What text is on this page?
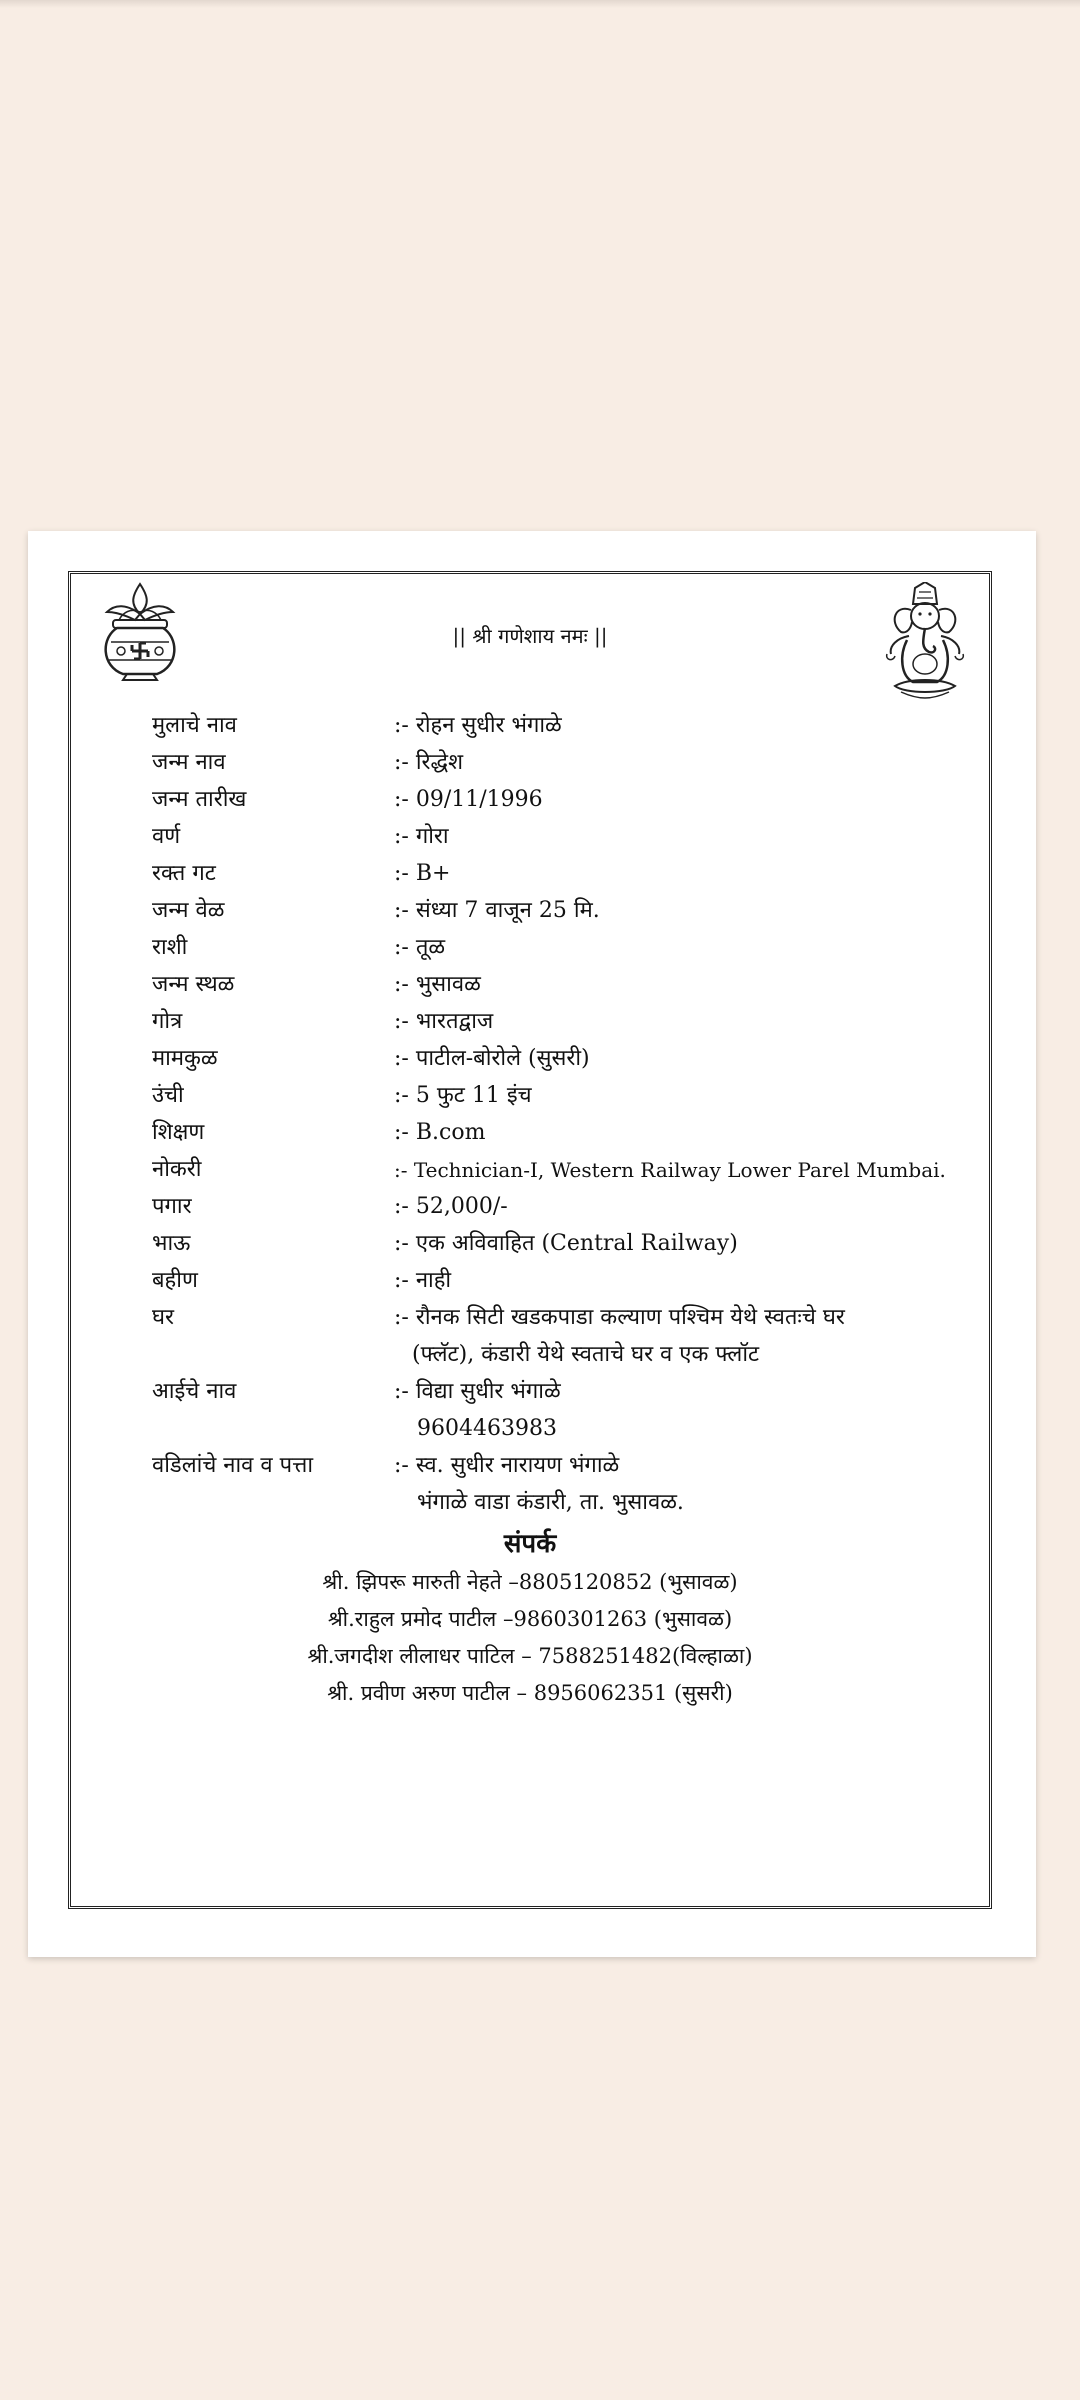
|| श्री गणेशाय नमः ||
मुलाचे नाव	:- रोहन सुधीर भंगाळे
जन्म नाव	:- रिद्धेश
जन्म तारीख	:- 09/11/1996
वर्ण	:- गोरा
रक्त गट	:- B+
जन्म वेळ	:- संध्या 7 वाजून 25 मि.
राशी	:- तूळ
जन्म स्थळ	:- भुसावळ
गोत्र	:- भारतद्वाज
मामकुळ	:- पाटील-बोरोले (सुसरी)
उंची	:- 5 फुट 11 इंच
शिक्षण	:- B.com
नोकरी	:- Technician-I, Western Railway Lower Parel Mumbai.
पगार	:- 52,000/-
भाऊ	:- एक अविवाहित (Central Railway)
बहीण	:- नाही
घर	:- रौनक सिटी खडकपाडा कल्याण पश्चिम येथे स्वतःचे घर
(फ्लॅट), कंडारी येथे स्वताचे घर व एक फ्लॉट
आईचे नाव	:- विद्या सुधीर भंगाळे
9604463983
वडिलांचे नाव व पत्ता	:- स्व. सुधीर नारायण भंगाळे
भंगाळे वाडा कंडारी, ता. भुसावळ.
संपर्क
श्री. झिपरू मारुती नेहते –8805120852 (भुसावळ)
श्री.राहुल प्रमोद पाटील –9860301263 (भुसावळ)
श्री.जगदीश लीलाधर पाटिल – 7588251482(विल्हाळा)
श्री. प्रवीण अरुण पाटील – 8956062351 (सुसरी)
